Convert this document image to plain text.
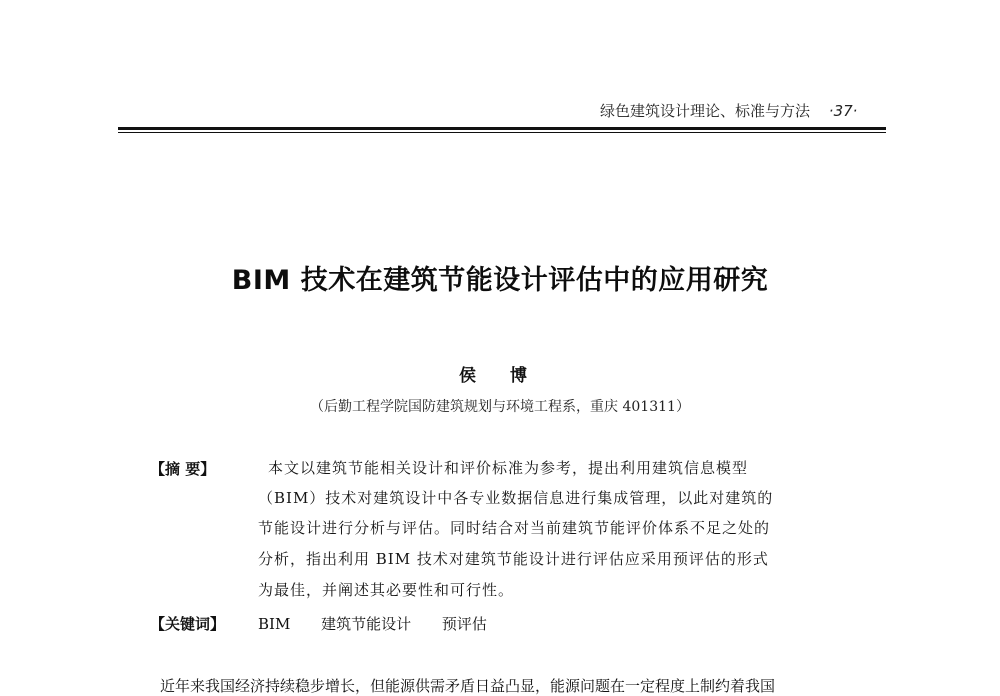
绿色建筑设计理论、标准与方法 ·37·
BIM 技术在建筑节能设计评估中的应用研究
侯 博
（后勤工程学院国防建筑规划与环境工程系，重庆 401311）
【摘 要】	本文以建筑节能相关设计和评价标准为参考，提出利用建筑信息模型
（BIM）技术对建筑设计中各专业数据信息进行集成管理，以此对建筑的
节能设计进行分析与评估。同时结合对当前建筑节能评价体系不足之处的
分析，指出利用 BIM 技术对建筑节能设计进行评估应采用预评估的形式
为最佳，并阐述其必要性和可行性。
【关键词】 BIM 建筑节能设计 预评估
近年来我国经济持续稳步增长，但能源供需矛盾日益凸显，能源问题在一定程度上制约着我国
